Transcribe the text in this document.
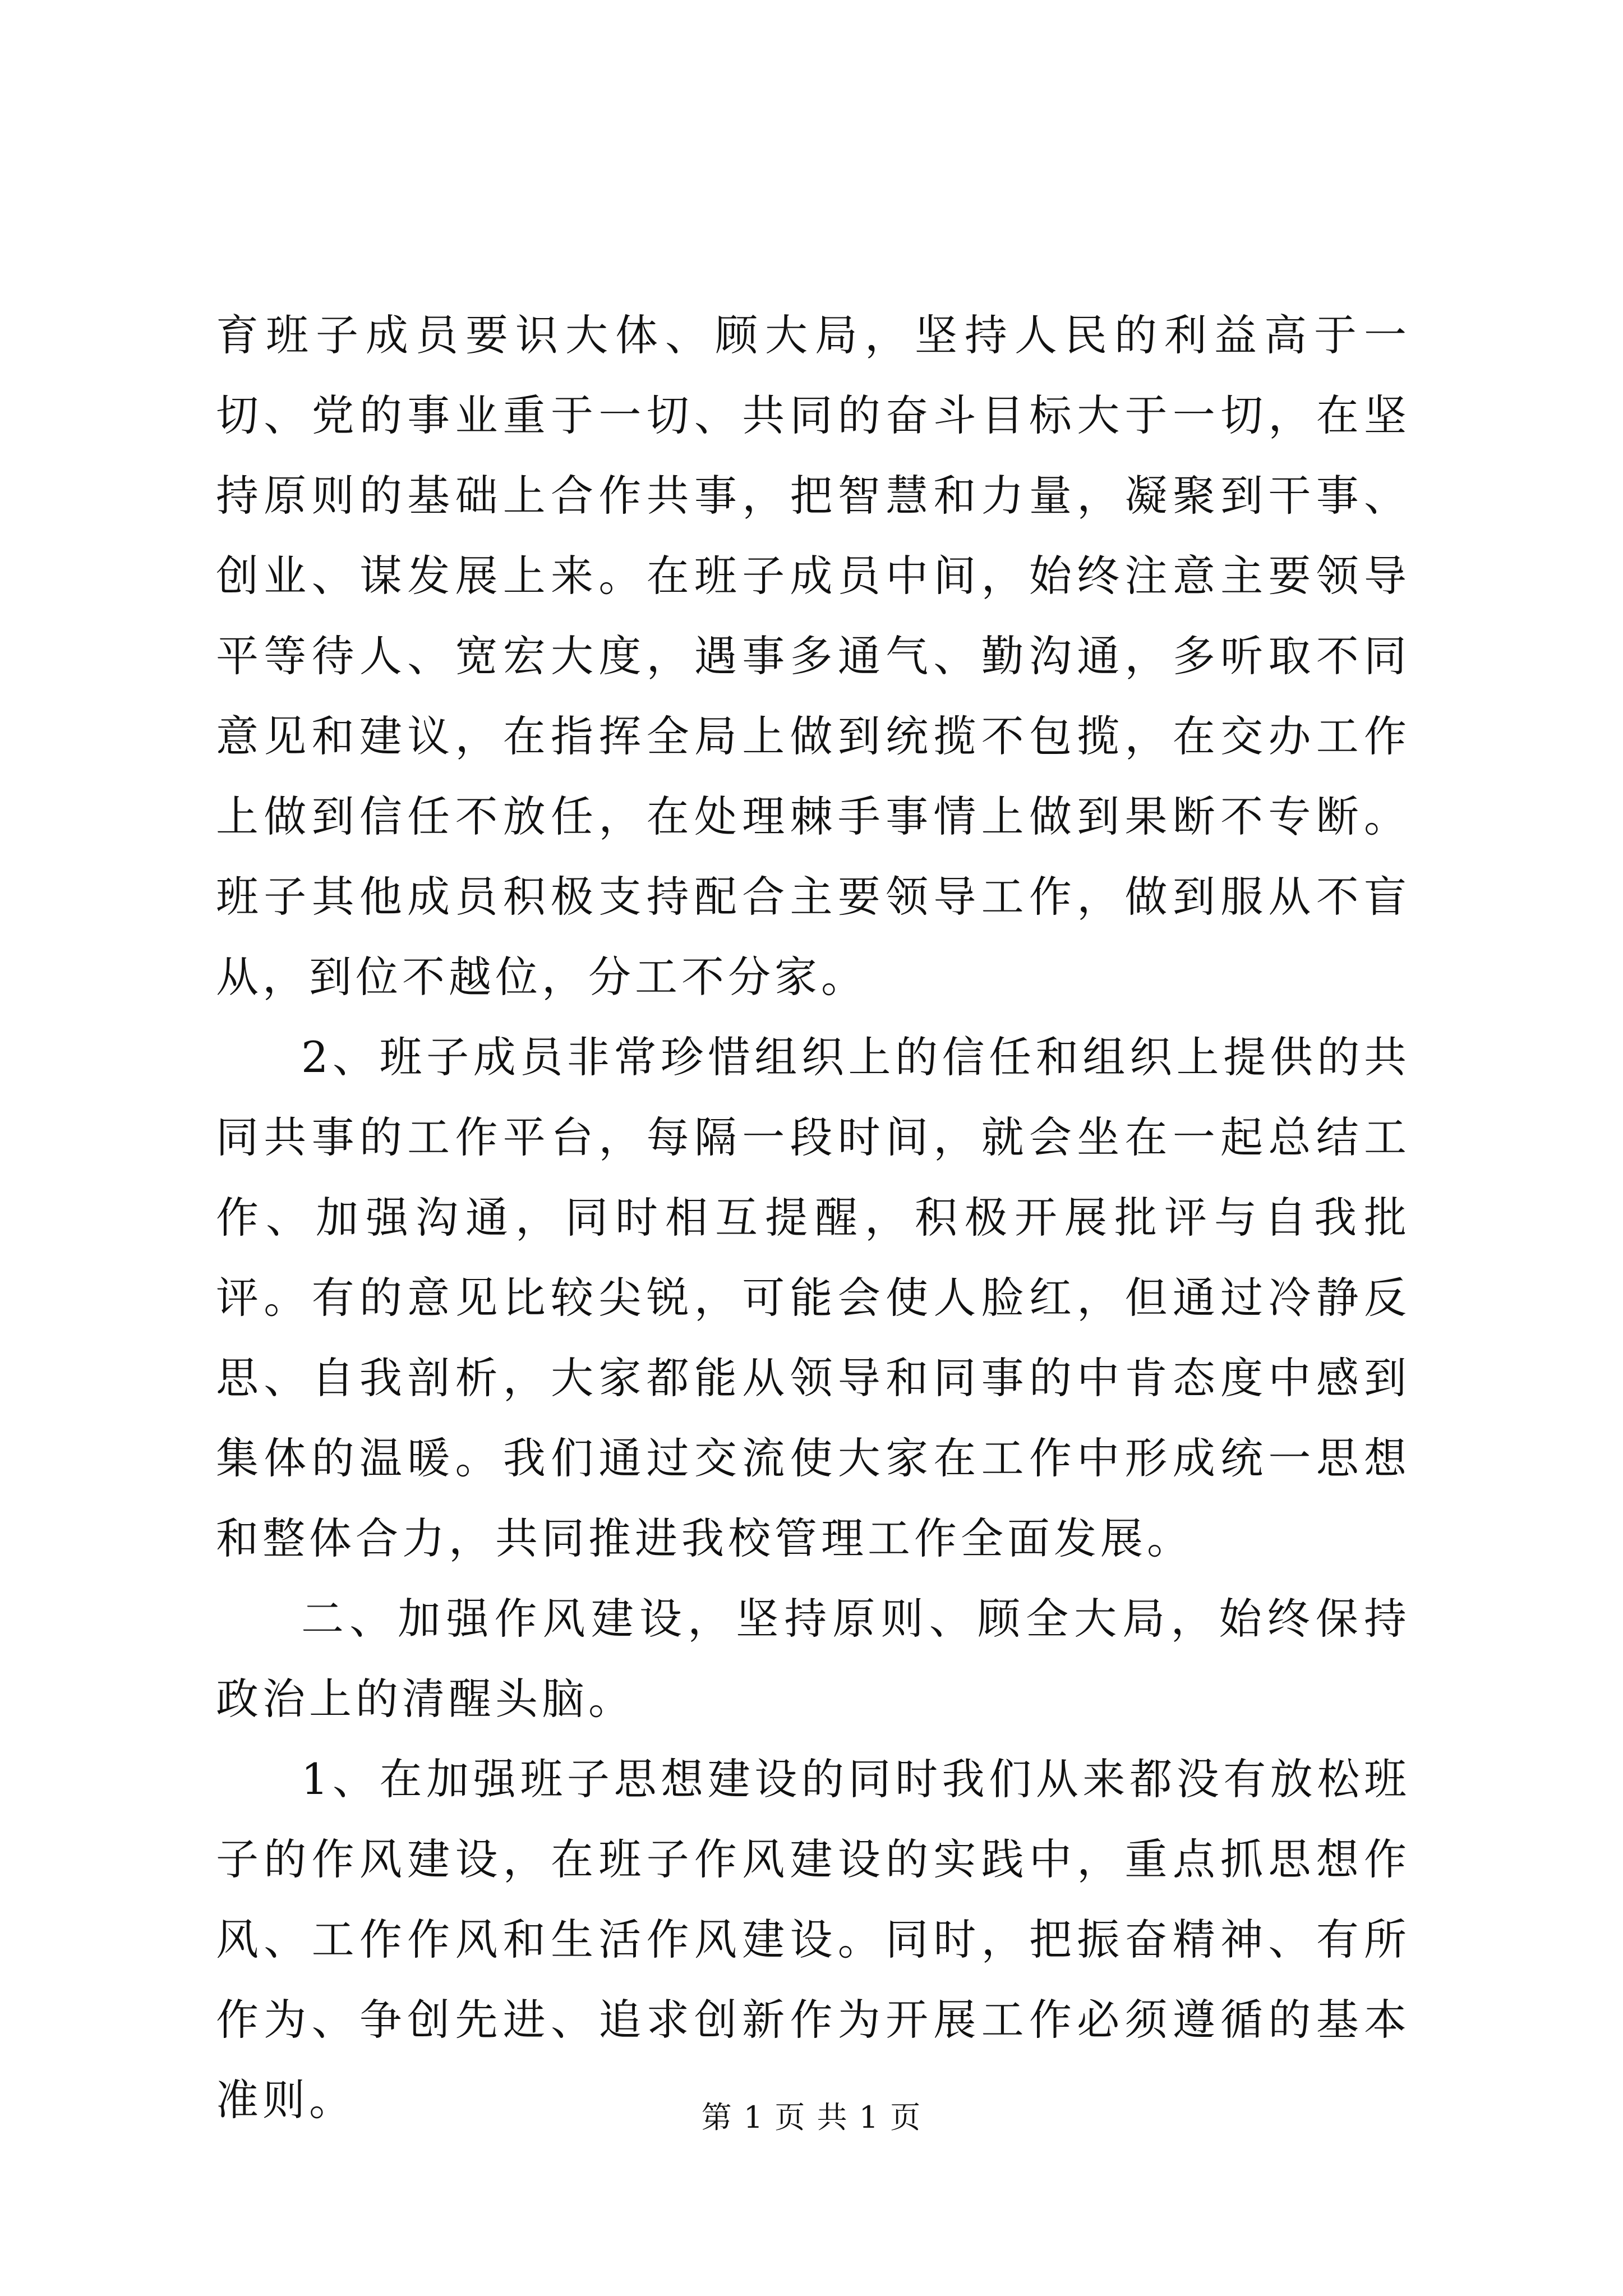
育班子成员要识大体、顾大局，坚持人民的利益高于一切、党的事业重于一切、共同的奋斗目标大于一切，在坚持原则的基础上合作共事，把智慧和力量，凝聚到干事、创业、谋发展上来。在班子成员中间，始终注意主要领导平等待人、宽宏大度，遇事多通气、勤沟通，多听取不同意见和建议，在指挥全局上做到统揽不包揽，在交办工作上做到信任不放任，在处理棘手事情上做到果断不专断。班子其他成员积极支持配合主要领导工作，做到服从不盲从，到位不越位，分工不分家。

2、班子成员非常珍惜组织上的信任和组织上提供的共同共事的工作平台，每隔一段时间，就会坐在一起总结工作、加强沟通，同时相互提醒，积极开展批评与自我批评。有的意见比较尖锐，可能会使人脸红，但通过冷静反思、自我剖析，大家都能从领导和同事的中肯态度中感到集体的温暖。我们通过交流使大家在工作中形成统一思想和整体合力，共同推进我校管理工作全面发展。

二、加强作风建设，坚持原则、顾全大局，始终保持政治上的清醒头脑。

1、在加强班子思想建设的同时我们从来都没有放松班子的作风建设，在班子作风建设的实践中，重点抓思想作风、工作作风和生活作风建设。同时，把振奋精神、有所作为、争创先进、追求创新作为开展工作必须遵循的基本准则。	第 1 页 共 1 页
